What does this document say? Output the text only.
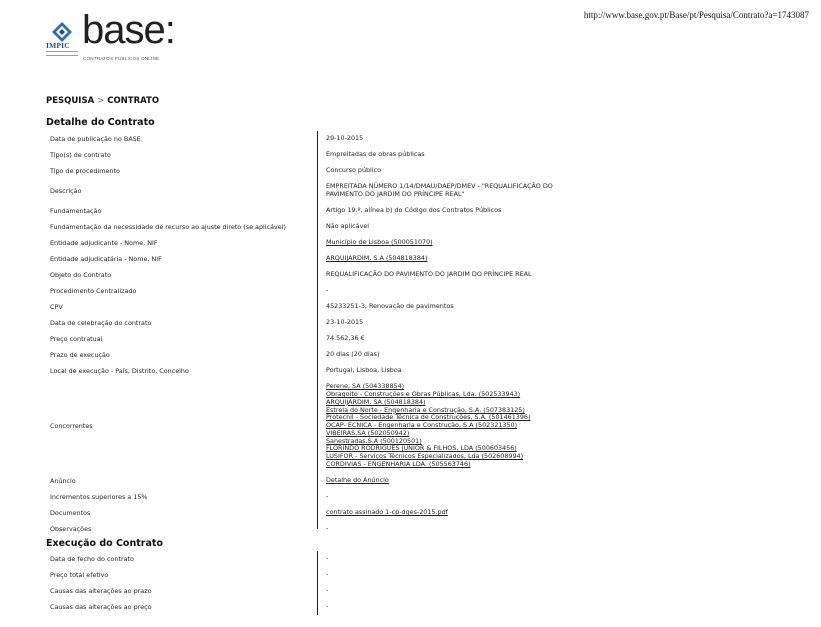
http://www.base.gov.pt/Base/pt/Pesquisa/Contrato?a=1743087
IMPIC base:
CONTRATOS PÚBLICOS ONLINE
PESQUISA > CONTRATO
Detalhe do Contrato
Data de publicação no BASE	29-10-2015
Tipo(s) de contrato	Empreitadas de obras públicas
Tipo de procedimento	Concurso público
Descrição
EMPREITADA NÚMERO 1/14/DMAU/DAEP/DMEV - "REQUALIFICAÇÃO DO PAVIMENTO DO JARDIM DO PRÍNCIPE REAL"
Fundamentação	Artigo 19.º, alínea b) do Código dos Contratos Públicos
Fundamentação da necessidade de recurso ao ajuste direto (se aplicável)	Não aplicável
Entidade adjudicante - Nome, NIF	Município de Lisboa (500051070)
Entidade adjudicatária - Nome, NIF	ARQUIJARDIM, S.A (504818384)
Objeto do Contrato	REQUALIFICAÇÃO DO PAVIMENTO DO JARDIM DO PRÍNCIPE REAL
Procedimento Centralizado	-
CPV	45233251-3, Renovação de pavimentos
Data de celebração do contrato	23-10-2015
Preço contratual	74.562,36 €
Prazo de execução	20 dias (20 dias)
Local de execução - País, Distrito, Concelho	Portugal, Lisboa, Lisboa
Concorrentes
Perene, SA (504338854)
Obragoito - Construções e Obras Públicas, Lda. (502533943)
ARQUIJARDIM, SA (504818384)
Estrela do Norte - Engenharia e Construção, S.A. (507383125)
Protecnil - Sociedade Técnica de Construções, S.A. (501461396)
OCAP- ECNICA - Engenharia e Construção, S.A (502321350)
VIBEIRAS,SA (502050942)
Sanestradas,S.A (500120501)
FLORINDO RODRIGUES JÚNIOR & FILHOS, LDA (500603456)
LUSIFOR - Serviços Técnicos Especializados, Lda (502608994)
CORDIVIAS - ENGENHARIA LDA. (505563746)
Anúncio	Detalhe do Anúncio
Incrementos superiores a 15%	-
Documentos	contrato assinado 1-cp-dges-2015.pdf
Observações	-
Execução do Contrato
Data de fecho do contrato	-
Preço total efetivo	-
Causas das alterações ao prazo	-
Causas das alterações ao preço	-
